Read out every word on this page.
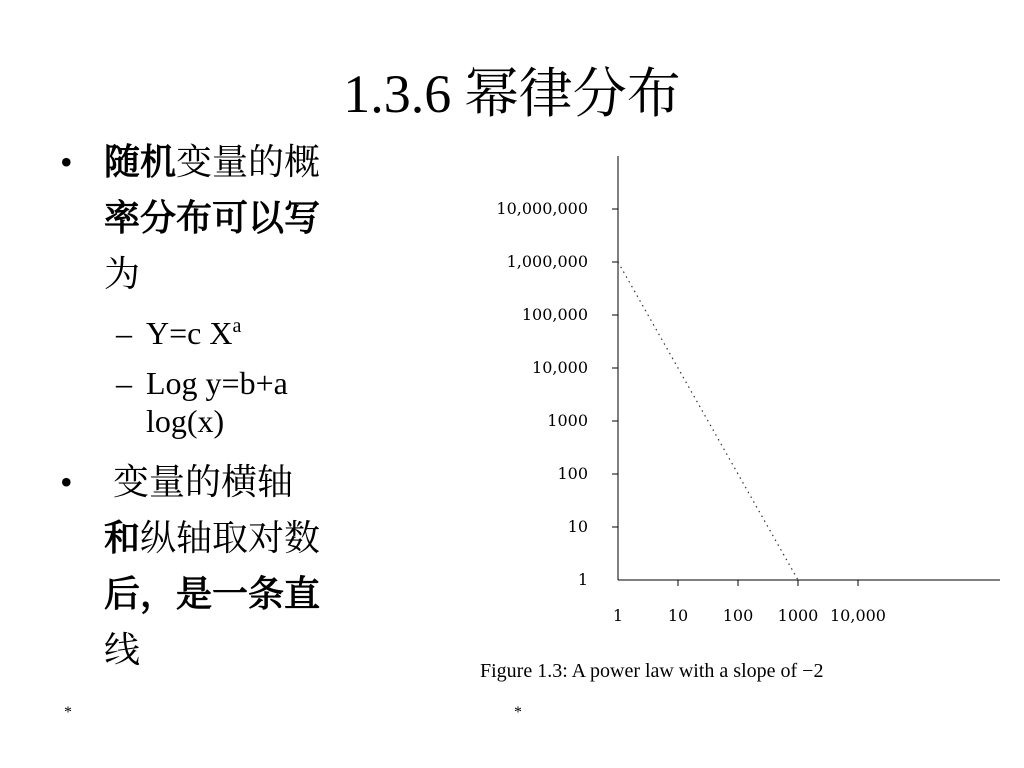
1.3.6 幂律分布
• 随机变量的概
率分布可以写
为
– Y=c $X^a$
– Log y=b+a
log(x)
• 变量的横轴
和纵轴取对数
后，是一条直
线
1
10
100
1000
10,000
100,000
1,000,000
10,000,000
1	10 100 1000 10,000
Figure 1.3: A power law with a slope of −2
*	*
